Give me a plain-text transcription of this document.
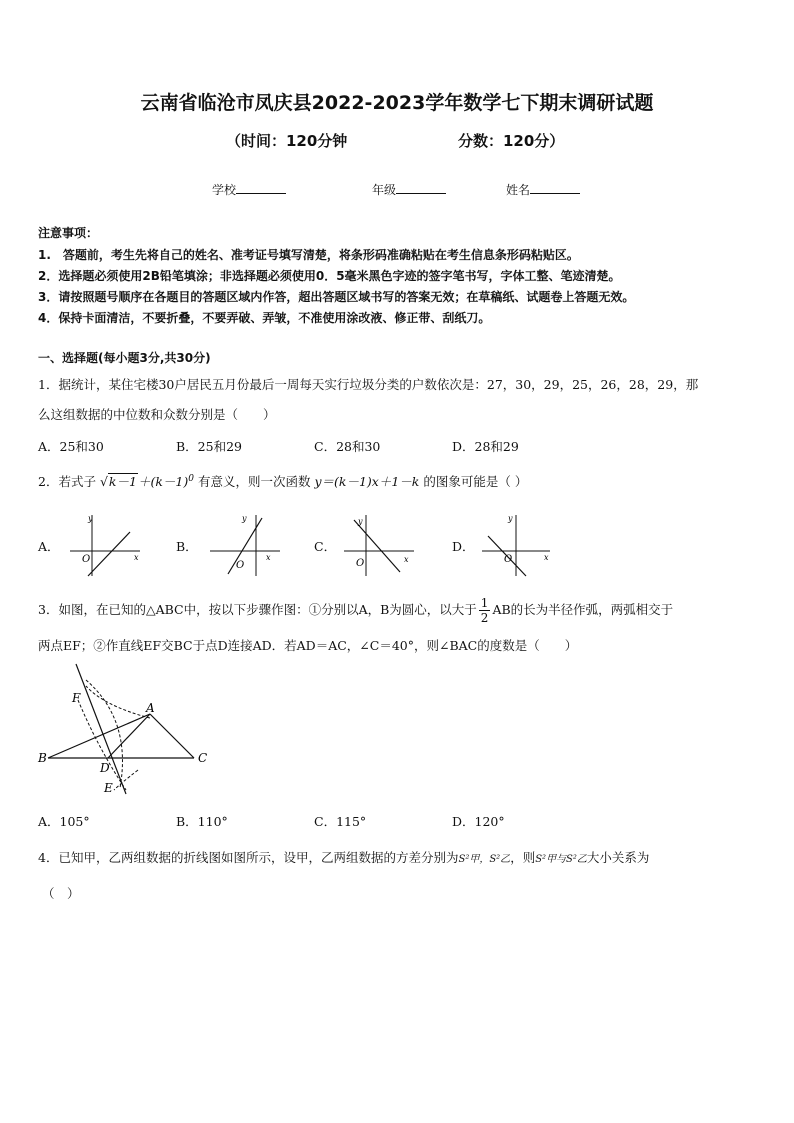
云南省临沧市凤庆县2022-2023学年数学七下期末调研试题
（时间：120分钟	分数：120分）
学校	年级	姓名
注意事项：
1.　答题前，考生先将自己的姓名、准考证号填写清楚，将条形码准确粘贴在考生信息条形码粘贴区。
2．选择题必须使用2B铅笔填涂；非选择题必须使用0．5毫米黑色字迹的签字笔书写，字体工整、笔迹清楚。
3．请按照题号顺序在各题目的答题区域内作答，超出答题区域书写的答案无效；在草稿纸、试题卷上答题无效。
4．保持卡面清洁，不要折叠，不要弄破、弄皱，不准使用涂改液、修正带、刮纸刀。
一、选择题(每小题3分,共30分)
1．据统计，某住宅楼30户居民五月份最后一周每天实行垃圾分类的户数依次是：27，30，29，25，26，28，29，那
么这组数据的中位数和众数分别是（　　）
A．25和30	B．25和29	C．28和30	D．28和29
2．若式子 $√k-1+(k-1)^0$ 有意义，则一次函数 y＝(k－1)x＋1－k 的图象可能是（ ）
A．	B．	C．	D．
y
x
O
y
x
O
y
x
O
y
x
O
3．如图，在已知的△ABC中，按以下步骤作图：①分别以A，B为圆心，以大于 $\frac{1}{2}$ AB的长为半径作弧，两弧相交于
两点EF；②作直线EF交BC于点D连接AD．若AD＝AC，∠C＝40°，则∠BAC的度数是（　　）
F
A
B	C
D
E
A．105°	B．110°	C．115°	D．120°
4．已知甲，乙两组数据的折线图如图所示，设甲，乙两组数据的方差分别为S²甲，S²乙，则S²甲与S²乙大小关系为
（　）
